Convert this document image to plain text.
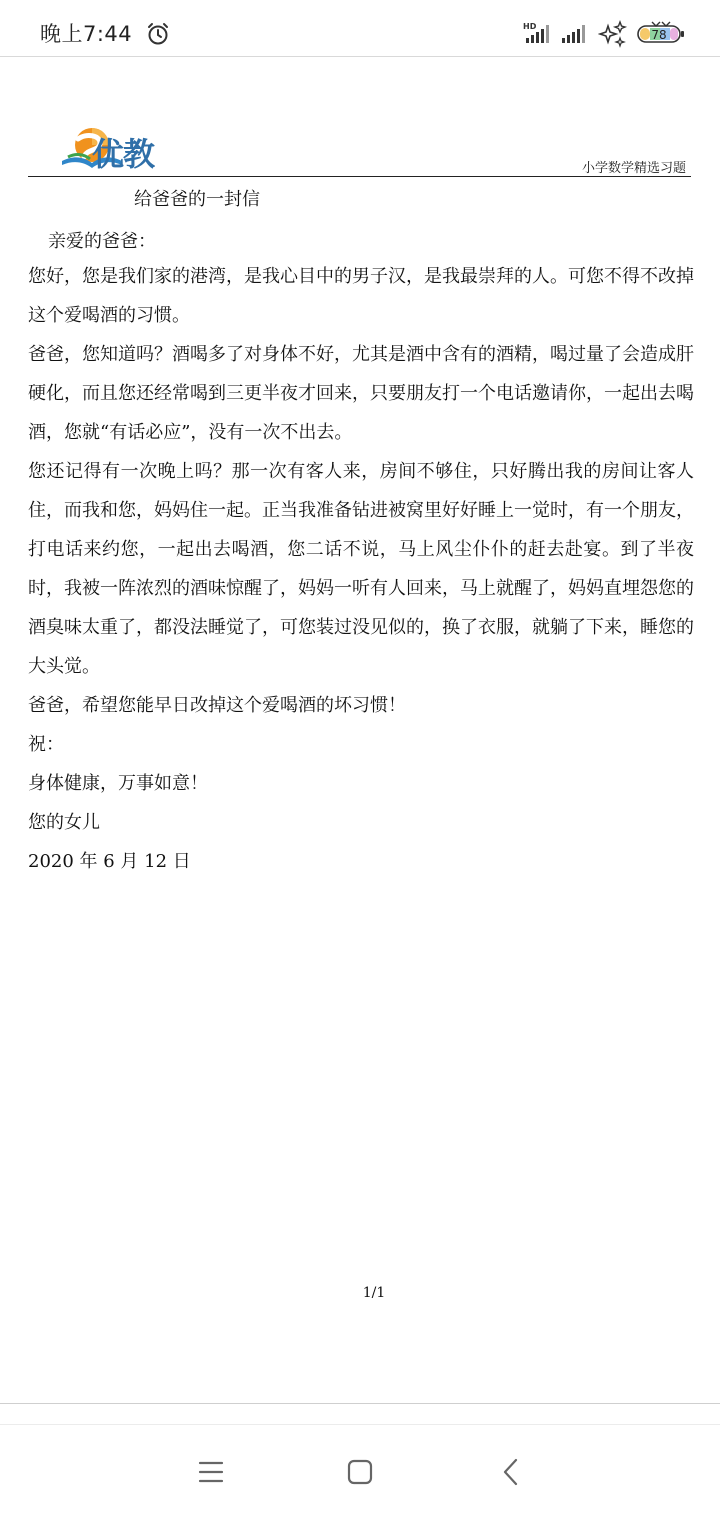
晚上7:44	HD
78
优教	小学数学精选习题
给爸爸的一封信
亲爱的爸爸：

您好，您是我们家的港湾，是我心目中的男子汉，是我最崇拜的人。可您不得不改掉这个爱喝酒的习惯。

爸爸，您知道吗？酒喝多了对身体不好，尤其是酒中含有的酒精，喝过量了会造成肝硬化，而且您还经常喝到三更半夜才回来，只要朋友打一个电话邀请你，一起出去喝酒，您就“有话必应”，没有一次不出去。

您还记得有一次晚上吗？那一次有客人来，房间不够住，只好腾出我的房间让客人住，而我和您，妈妈住一起。正当我准备钻进被窝里好好睡上一觉时，有一个朋友，打电话来约您，一起出去喝酒，您二话不说，马上风尘仆仆的赶去赴宴。到了半夜时，我被一阵浓烈的酒味惊醒了，妈妈一听有人回来，马上就醒了，妈妈直埋怨您的酒臭味太重了，都没法睡觉了，可您装过没见似的，换了衣服，就躺了下来，睡您的大头觉。

爸爸，希望您能早日改掉这个爱喝酒的坏习惯！

祝：

身体健康，万事如意！

您的女儿

2020 年 6 月 12 日

1/1
